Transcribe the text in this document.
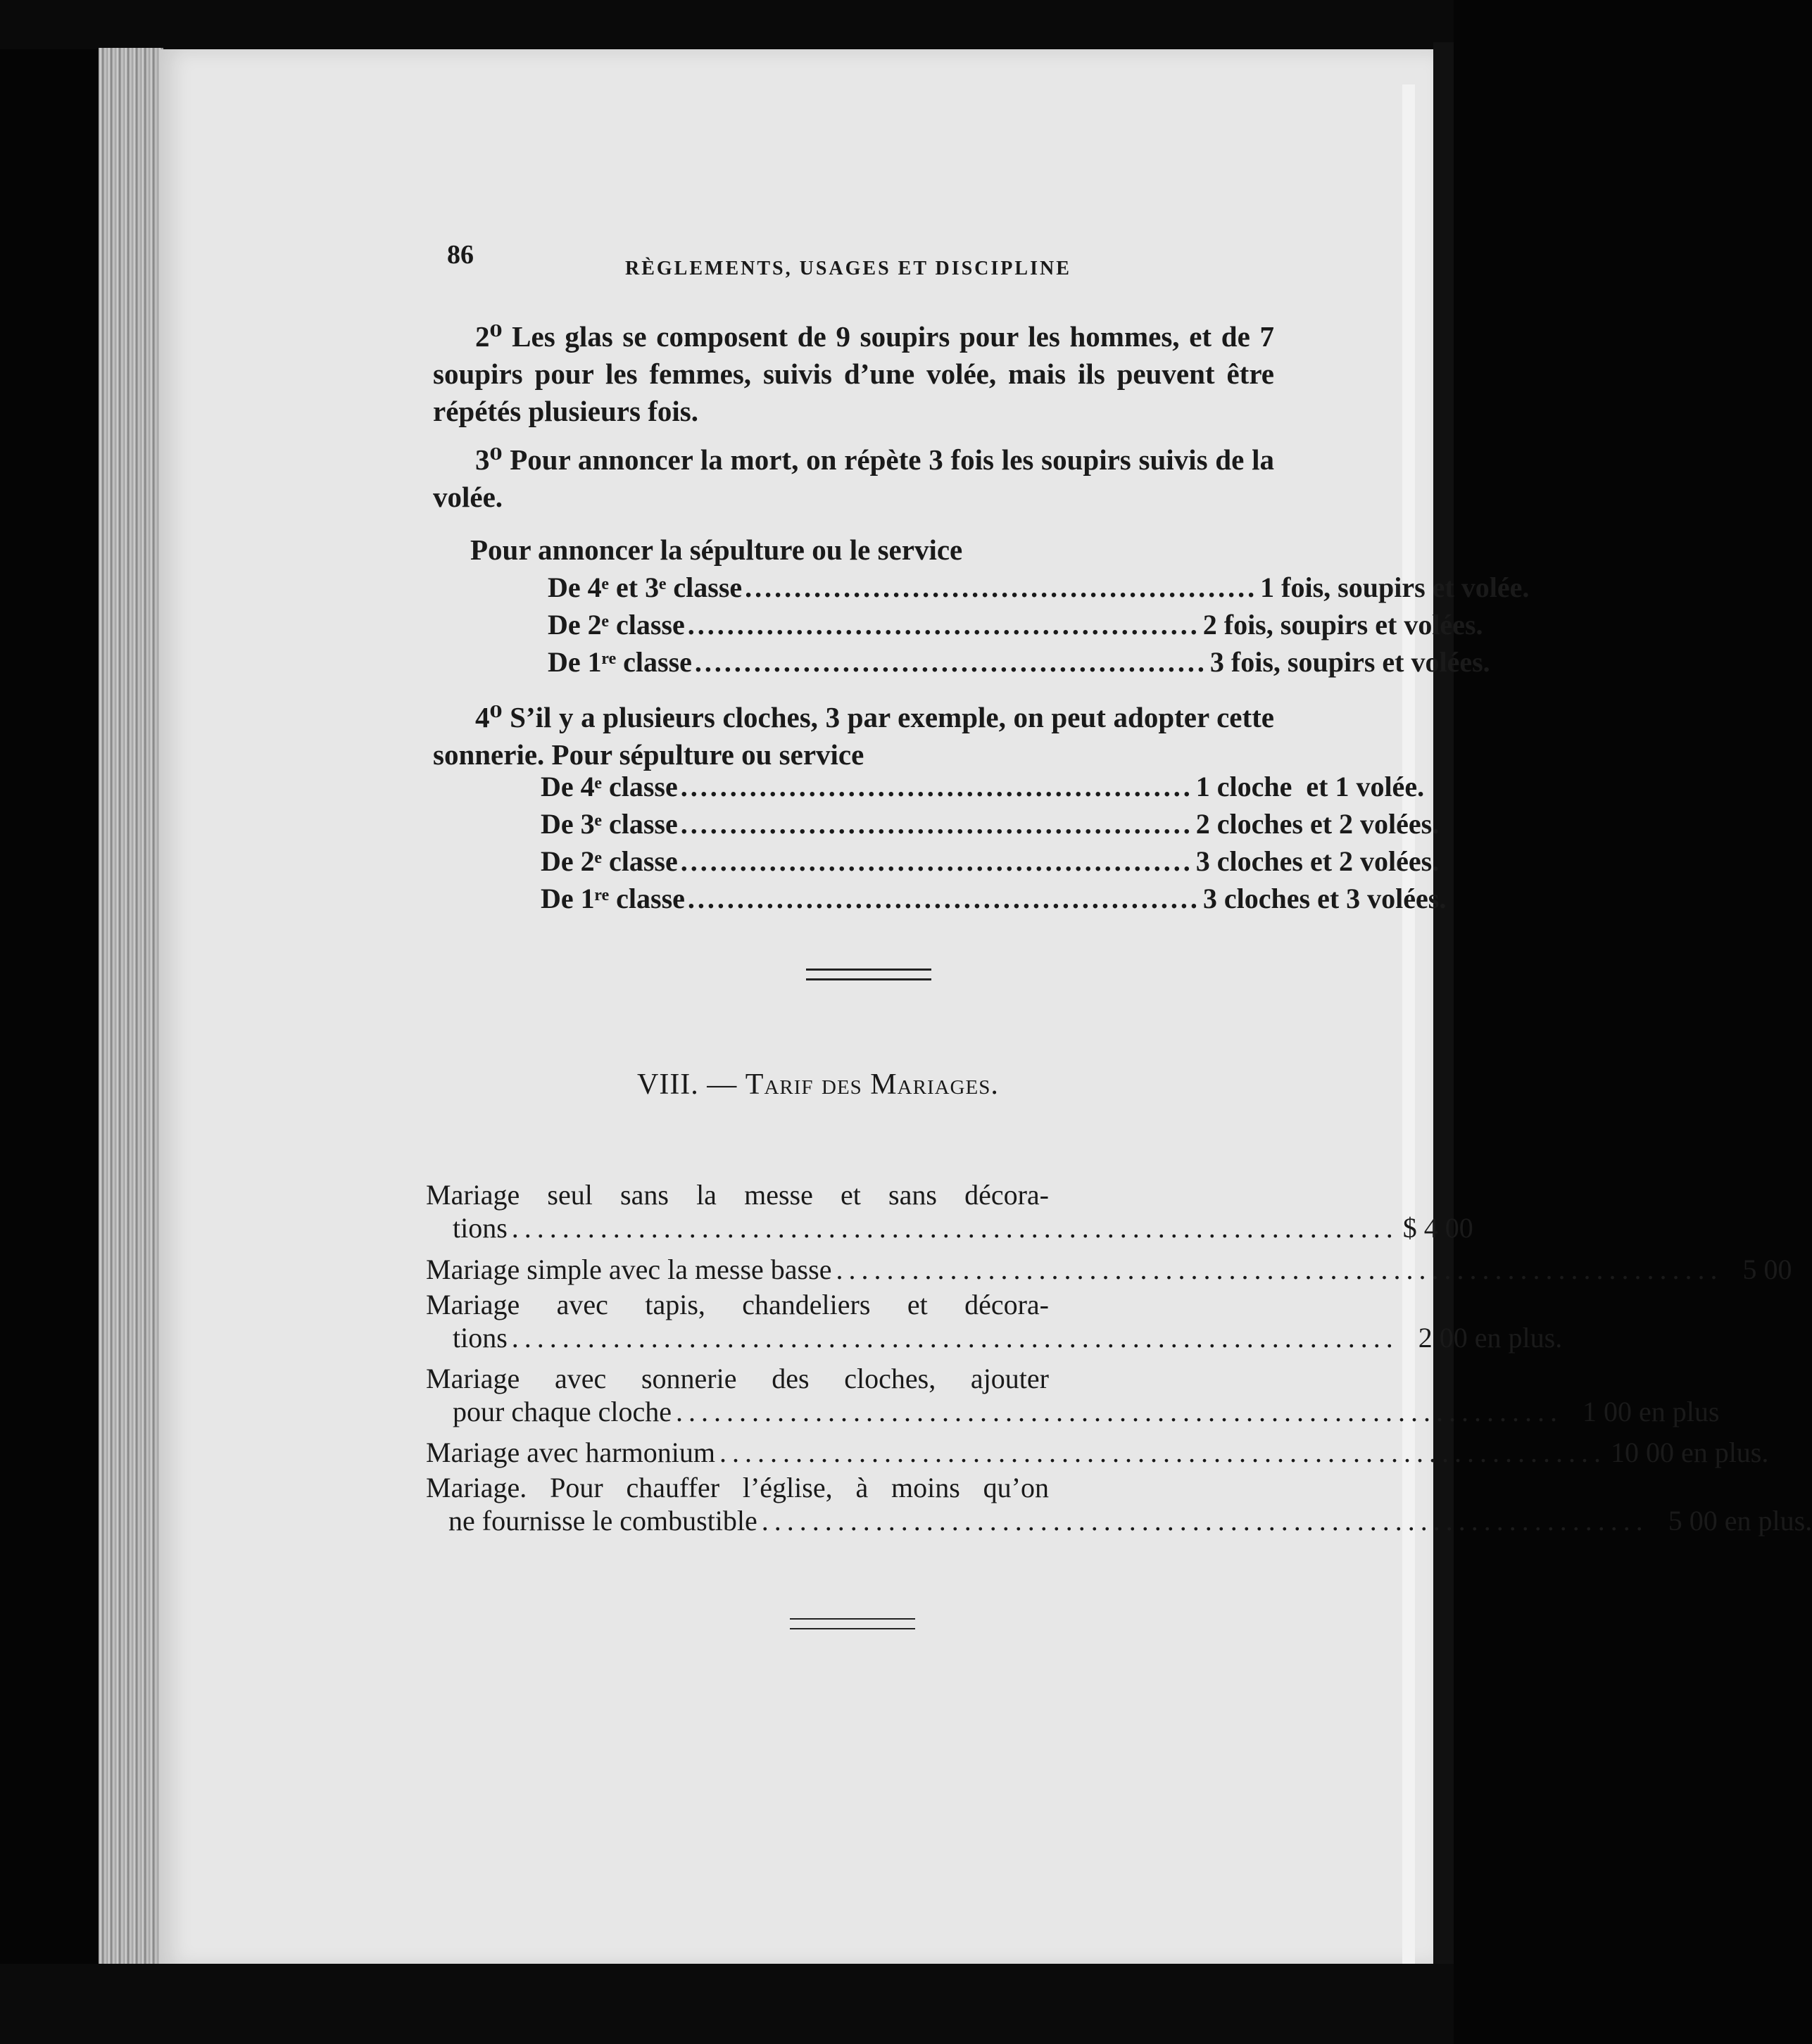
86	RÈGLEMENTS, USAGES ET DISCIPLINE

2⁰ Les glas se composent de 9 soupirs pour les hommes, et de 7 soupirs pour les femmes, suivis d’une volée, mais ils peuvent être répétés plusieurs fois.

3⁰ Pour annoncer la mort, on répète 3 fois les soupirs suivis de la volée.

Pour annoncer la sépulture ou le service

De 4ᵉ et 3ᵉ classe .................................................... 1 fois, soupirs et volée.
De 2ᵉ classe .................................................... 2 fois, soupirs et volées.
De 1ʳᵉ classe .................................................... 3 fois, soupirs et volées.

4⁰ S’il y a plusieurs cloches, 3 par exemple, on peut adopter cette sonnerie. Pour sépulture ou service

De 4ᵉ classe .................................................... 1 cloche  et 1 volée.
De 3ᵉ classe .................................................... 2 cloches et 2 volées.
De 2ᵉ classe .................................................... 3 cloches et 2 volées.
De 1ʳᵉ classe .................................................... 3 cloches et 3 volées.
VIII. — Tarif des Mariages.
Mariage seul sans la messe et sans décora-
tions ...................................................................... $ 4 00
Mariage simple avec la messe basse ...................................................................... 5 00
Mariage avec tapis, chandeliers et décora-
tions ...................................................................... 2 00 en plus.
Mariage avec sonnerie des cloches, ajouter
pour chaque cloche ...................................................................... 1 00 en plus
Mariage avec harmonium ...................................................................... 10 00 en plus.
Mariage. Pour chauffer l’église, à moins qu’on
ne fournisse le combustible ...................................................................... 5 00 en plus.
